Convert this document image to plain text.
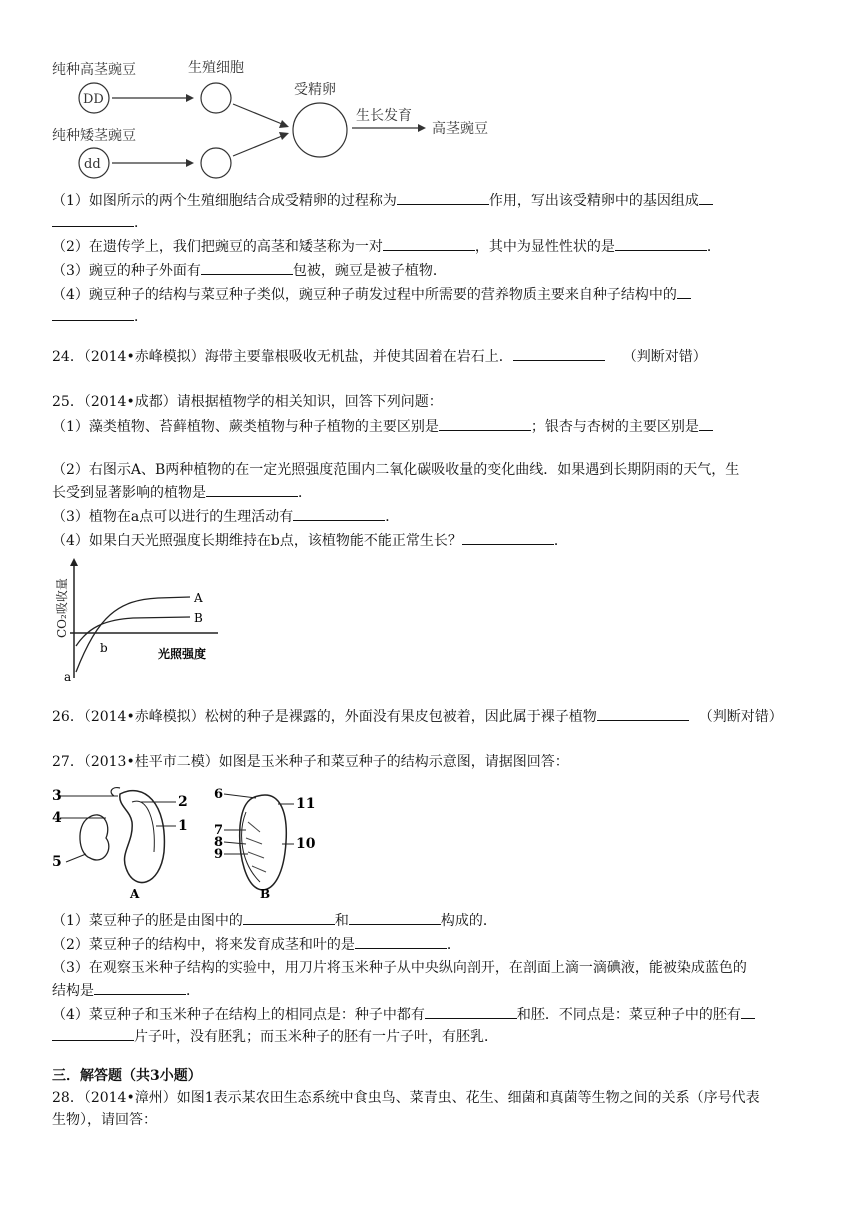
纯种高茎豌豆
DD
生殖细胞
纯种矮茎豌豆
dd
受精卵
生长发育
高茎豌豆
（1）如图所示的两个生殖细胞结合成受精卵的过程称为	作用，写出该受精卵中的基因组成
．
（2）在遗传学上，我们把豌豆的高茎和矮茎称为一对	，其中为显性性状的是	．
（3）豌豆的种子外面有	包被，豌豆是被子植物．
（4）豌豆种子的结构与菜豆种子类似，豌豆种子萌发过程中所需要的营养物质主要来自种子结构中的
．
24．（2014•赤峰模拟）海带主要靠根吸收无机盐，并使其固着在岩石上．	（判断对错）
25．（2014•成都）请根据植物学的相关知识，回答下列问题：
（1）藻类植物、苔藓植物、蕨类植物与种子植物的主要区别是	；银杏与杏树的主要区别是
（2）右图示A、B两种植物的在一定光照强度范围内二氧化碳吸收量的变化曲线．如果遇到长期阴雨的天气，生
长受到显著影响的植物是	．
（3）植物在a点可以进行的生理活动有	．
（4）如果白天光照强度长期维持在b点，该植物能不能正常生长？	．
CO₂吸收量	A
B
b
a
光照强度
26．（2014•赤峰模拟）松树的种子是裸露的，外面没有果皮包被着，因此属于裸子植物	（判断对错）
27．（2013•桂平市二模）如图是玉米种子和菜豆种子的结构示意图，请据图回答：
3
4
5
2
1
A
6
7
8
9
11
10
B
（1）菜豆种子的胚是由图中的	和	构成的．
（2）菜豆种子的结构中，将来发育成茎和叶的是	．
（3）在观察玉米种子结构的实验中，用刀片将玉米种子从中央纵向剖开，在剖面上滴一滴碘液，能被染成蓝色的
结构是	．
（4）菜豆种子和玉米种子在结构上的相同点是：种子中都有	和胚．不同点是：菜豆种子中的胚有
片子叶，没有胚乳；而玉米种子的胚有一片子叶，有胚乳．
三．解答题（共3小题）
28．（2014•漳州）如图1表示某农田生态系统中食虫鸟、菜青虫、花生、细菌和真菌等生物之间的关系（序号代表
生物），请回答：
